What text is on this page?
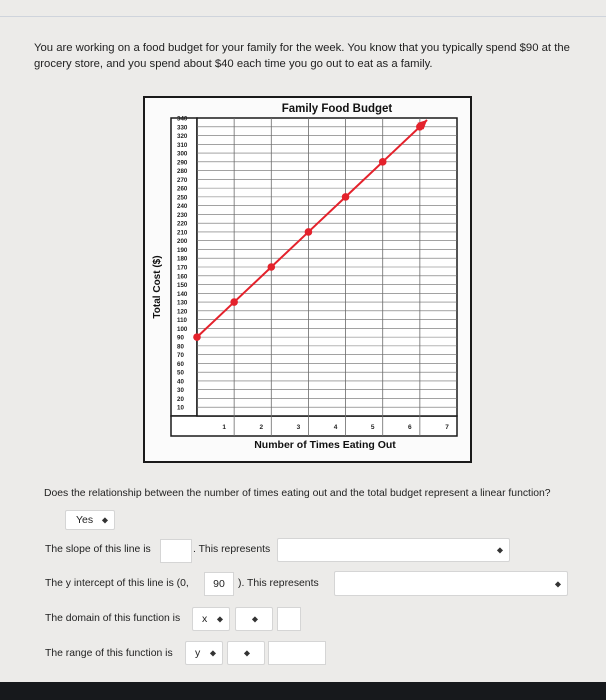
You are working on a food budget for your family for the week. You know that you typically spend $90 at the grocery store, and you spend about $40 each time you go out to eat as a family.
10
20
30
40
50
60
70
80
90
100
110
120
130
140
150
160
170
180
190
200
210
220
230
240
250
260
270
280
290
300
310
320
330
340
1	2	3	4	5	6	7
Family Food Budget
Number of Times Eating Out
Total Cost ($)
Does the relationship between the number of times eating out and the total budget represent a linear function?
Yes ◆
The slope of this line is	. This represents	◆
The y intercept of this line is (0,	90	). This represents	◆
The domain of this function is x ◆	◆
The range of this function is y ◆	◆
